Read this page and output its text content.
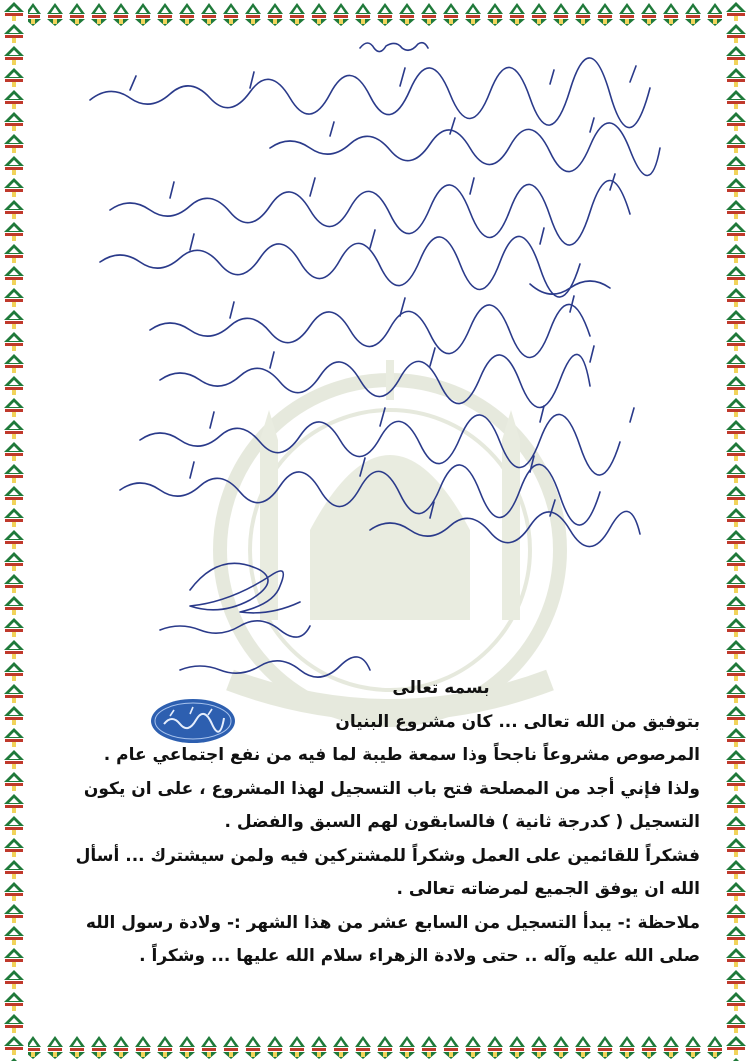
بسمه تعالى
بتوفيق من الله تعالى ... كان مشروع البنيان
المرصوص مشروعاً ناجحاً وذا سمعة طيبة لما فيه من نفع اجتماعي عام .
ولذا فإني أجد من المصلحة فتح باب التسجيل لهذا المشروع ، على ان يكون
التسجيل ( كدرجة ثانية ) فالسابقون لهم السبق والفضل .
فشكراً للقائمين على العمل وشكراً للمشتركين فيه ولمن سيشترك ... أسأل
الله ان يوفق الجميع لمرضاته تعالى .
ملاحظة :- يبدأ التسجيل من السابع عشر من هذا الشهر :- ولادة رسول الله
صلى الله عليه وآله .. حتى ولادة الزهراء سلام الله عليها ... وشكراً .
